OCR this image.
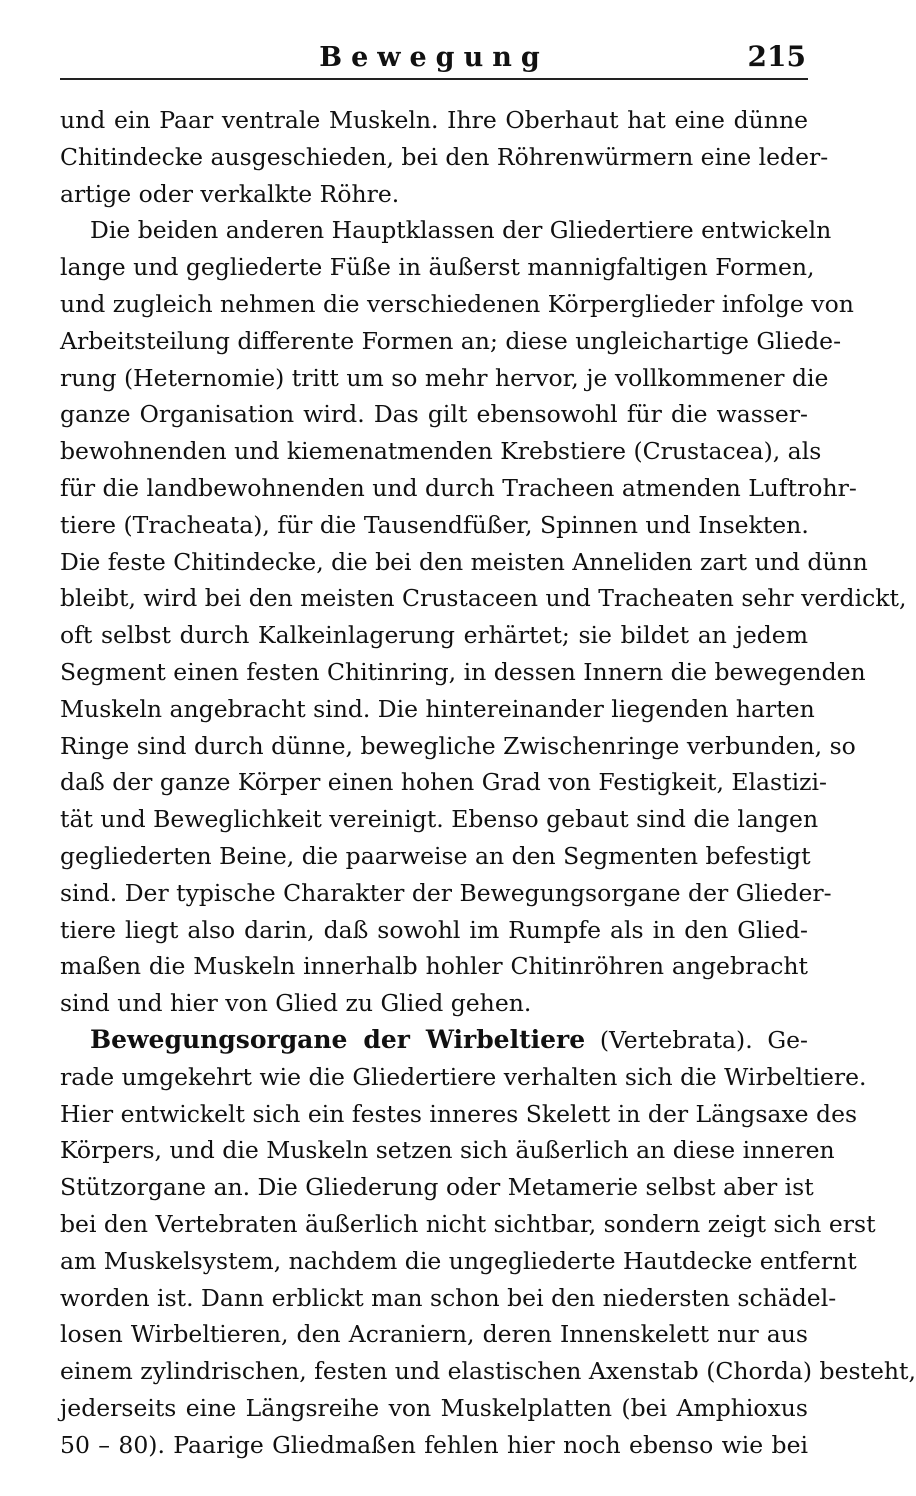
Bewegung	215
und ein Paar ventrale Muskeln. Ihre Oberhaut hat eine dünne
Chitindecke ausgeschieden, bei den Röhrenwürmern eine leder-
artige oder verkalkte Röhre.
Die beiden anderen Hauptklassen der Gliedertiere entwickeln
lange und gegliederte Füße in äußerst mannigfaltigen Formen,
und zugleich nehmen die verschiedenen Körperglieder infolge von
Arbeitsteilung differente Formen an; diese ungleichartige Gliede-
rung (Heternomie) tritt um so mehr hervor, je vollkommener die
ganze Organisation wird. Das gilt ebensowohl für die wasser-
bewohnenden und kiemenatmenden Krebstiere (Crustacea), als
für die landbewohnenden und durch Tracheen atmenden Luftrohr-
tiere (Tracheata), für die Tausendfüßer, Spinnen und Insekten.
Die feste Chitindecke, die bei den meisten Anneliden zart und dünn
bleibt, wird bei den meisten Crustaceen und Tracheaten sehr verdickt,
oft selbst durch Kalkeinlagerung erhärtet; sie bildet an jedem
Segment einen festen Chitinring, in dessen Innern die bewegenden
Muskeln angebracht sind. Die hintereinander liegenden harten
Ringe sind durch dünne, bewegliche Zwischenringe verbunden, so
daß der ganze Körper einen hohen Grad von Festigkeit, Elastizi-
tät und Beweglichkeit vereinigt. Ebenso gebaut sind die langen
gegliederten Beine, die paarweise an den Segmenten befestigt
sind. Der typische Charakter der Bewegungsorgane der Glieder-
tiere liegt also darin, daß sowohl im Rumpfe als in den Glied-
maßen die Muskeln innerhalb hohler Chitinröhren angebracht
sind und hier von Glied zu Glied gehen.
Bewegungsorgane der Wirbeltiere (Vertebrata). Ge-
rade umgekehrt wie die Gliedertiere verhalten sich die Wirbeltiere.
Hier entwickelt sich ein festes inneres Skelett in der Längsaxe des
Körpers, und die Muskeln setzen sich äußerlich an diese inneren
Stützorgane an. Die Gliederung oder Metamerie selbst aber ist
bei den Vertebraten äußerlich nicht sichtbar, sondern zeigt sich erst
am Muskelsystem, nachdem die ungegliederte Hautdecke entfernt
worden ist. Dann erblickt man schon bei den niedersten schädel-
losen Wirbeltieren, den Acraniern, deren Innenskelett nur aus
einem zylindrischen, festen und elastischen Axenstab (Chorda) besteht,
jederseits eine Längsreihe von Muskelplatten (bei Amphioxus
50 – 80). Paarige Gliedmaßen fehlen hier noch ebenso wie bei
